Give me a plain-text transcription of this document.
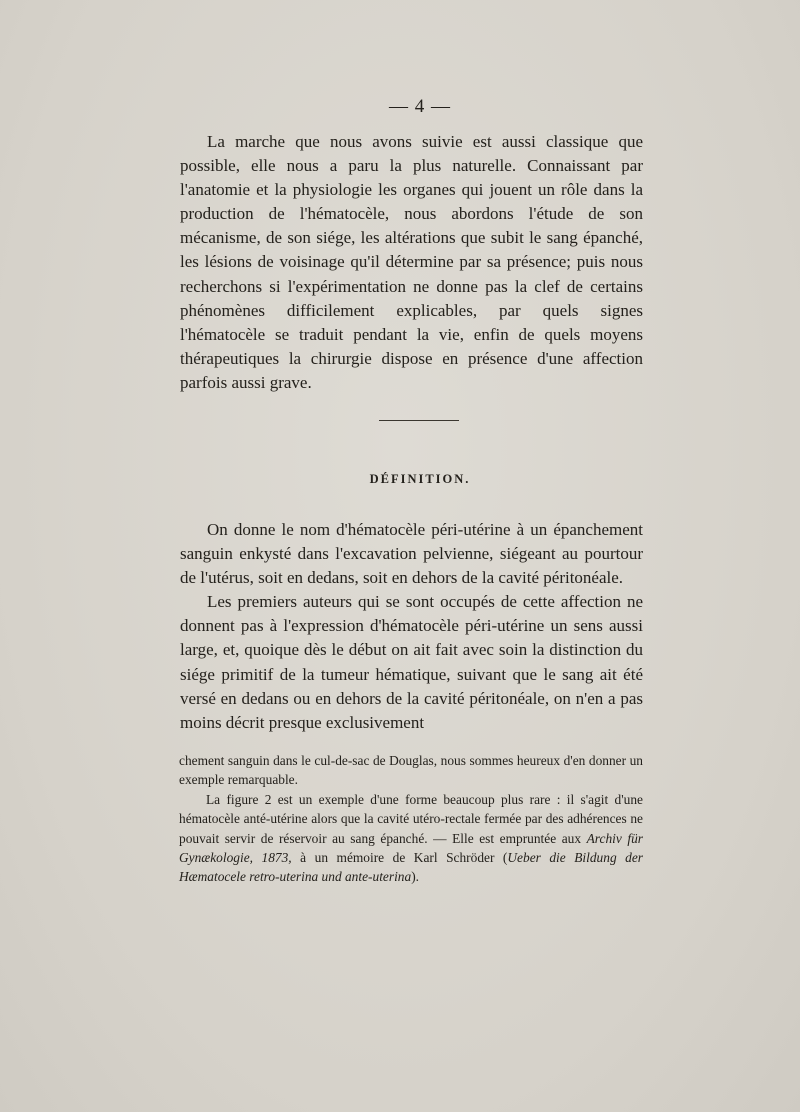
— 4 —

La marche que nous avons suivie est aussi classique que possible, elle nous a paru la plus naturelle. Connaissant par l'anatomie et la physiologie les organes qui jouent un rôle dans la production de l'hématocèle, nous abordons l'étude de son mécanisme, de son siége, les altérations que subit le sang épanché, les lésions de voisinage qu'il détermine par sa présence; puis nous recherchons si l'expérimentation ne donne pas la clef de certains phénomènes difficilement explicables, par quels signes l'hématocèle se traduit pendant la vie, enfin de quels moyens thérapeutiques la chirurgie dispose en présence d'une affection parfois aussi grave.

DÉFINITION.

On donne le nom d'hématocèle péri-utérine à un épanchement sanguin enkysté dans l'excavation pelvienne, siégeant au pourtour de l'utérus, soit en dedans, soit en dehors de la cavité péritonéale.

Les premiers auteurs qui se sont occupés de cette affection ne donnent pas à l'expression d'hématocèle péri-utérine un sens aussi large, et, quoique dès le début on ait fait avec soin la distinction du siége primitif de la tumeur hématique, suivant que le sang ait été versé en dedans ou en dehors de la cavité péritonéale, on n'en a pas moins décrit presque exclusivement

chement sanguin dans le cul-de-sac de Douglas, nous sommes heureux d'en donner un exemple remarquable.

La figure 2 est un exemple d'une forme beaucoup plus rare : il s'agit d'une hématocèle anté-utérine alors que la cavité utéro-rectale fermée par des adhérences ne pouvait servir de réservoir au sang épanché. — Elle est empruntée aux Archiv für Gynækologie, 1873, à un mémoire de Karl Schröder (Ueber die Bildung der Hæmatocele retro-uterina und ante-uterina).
